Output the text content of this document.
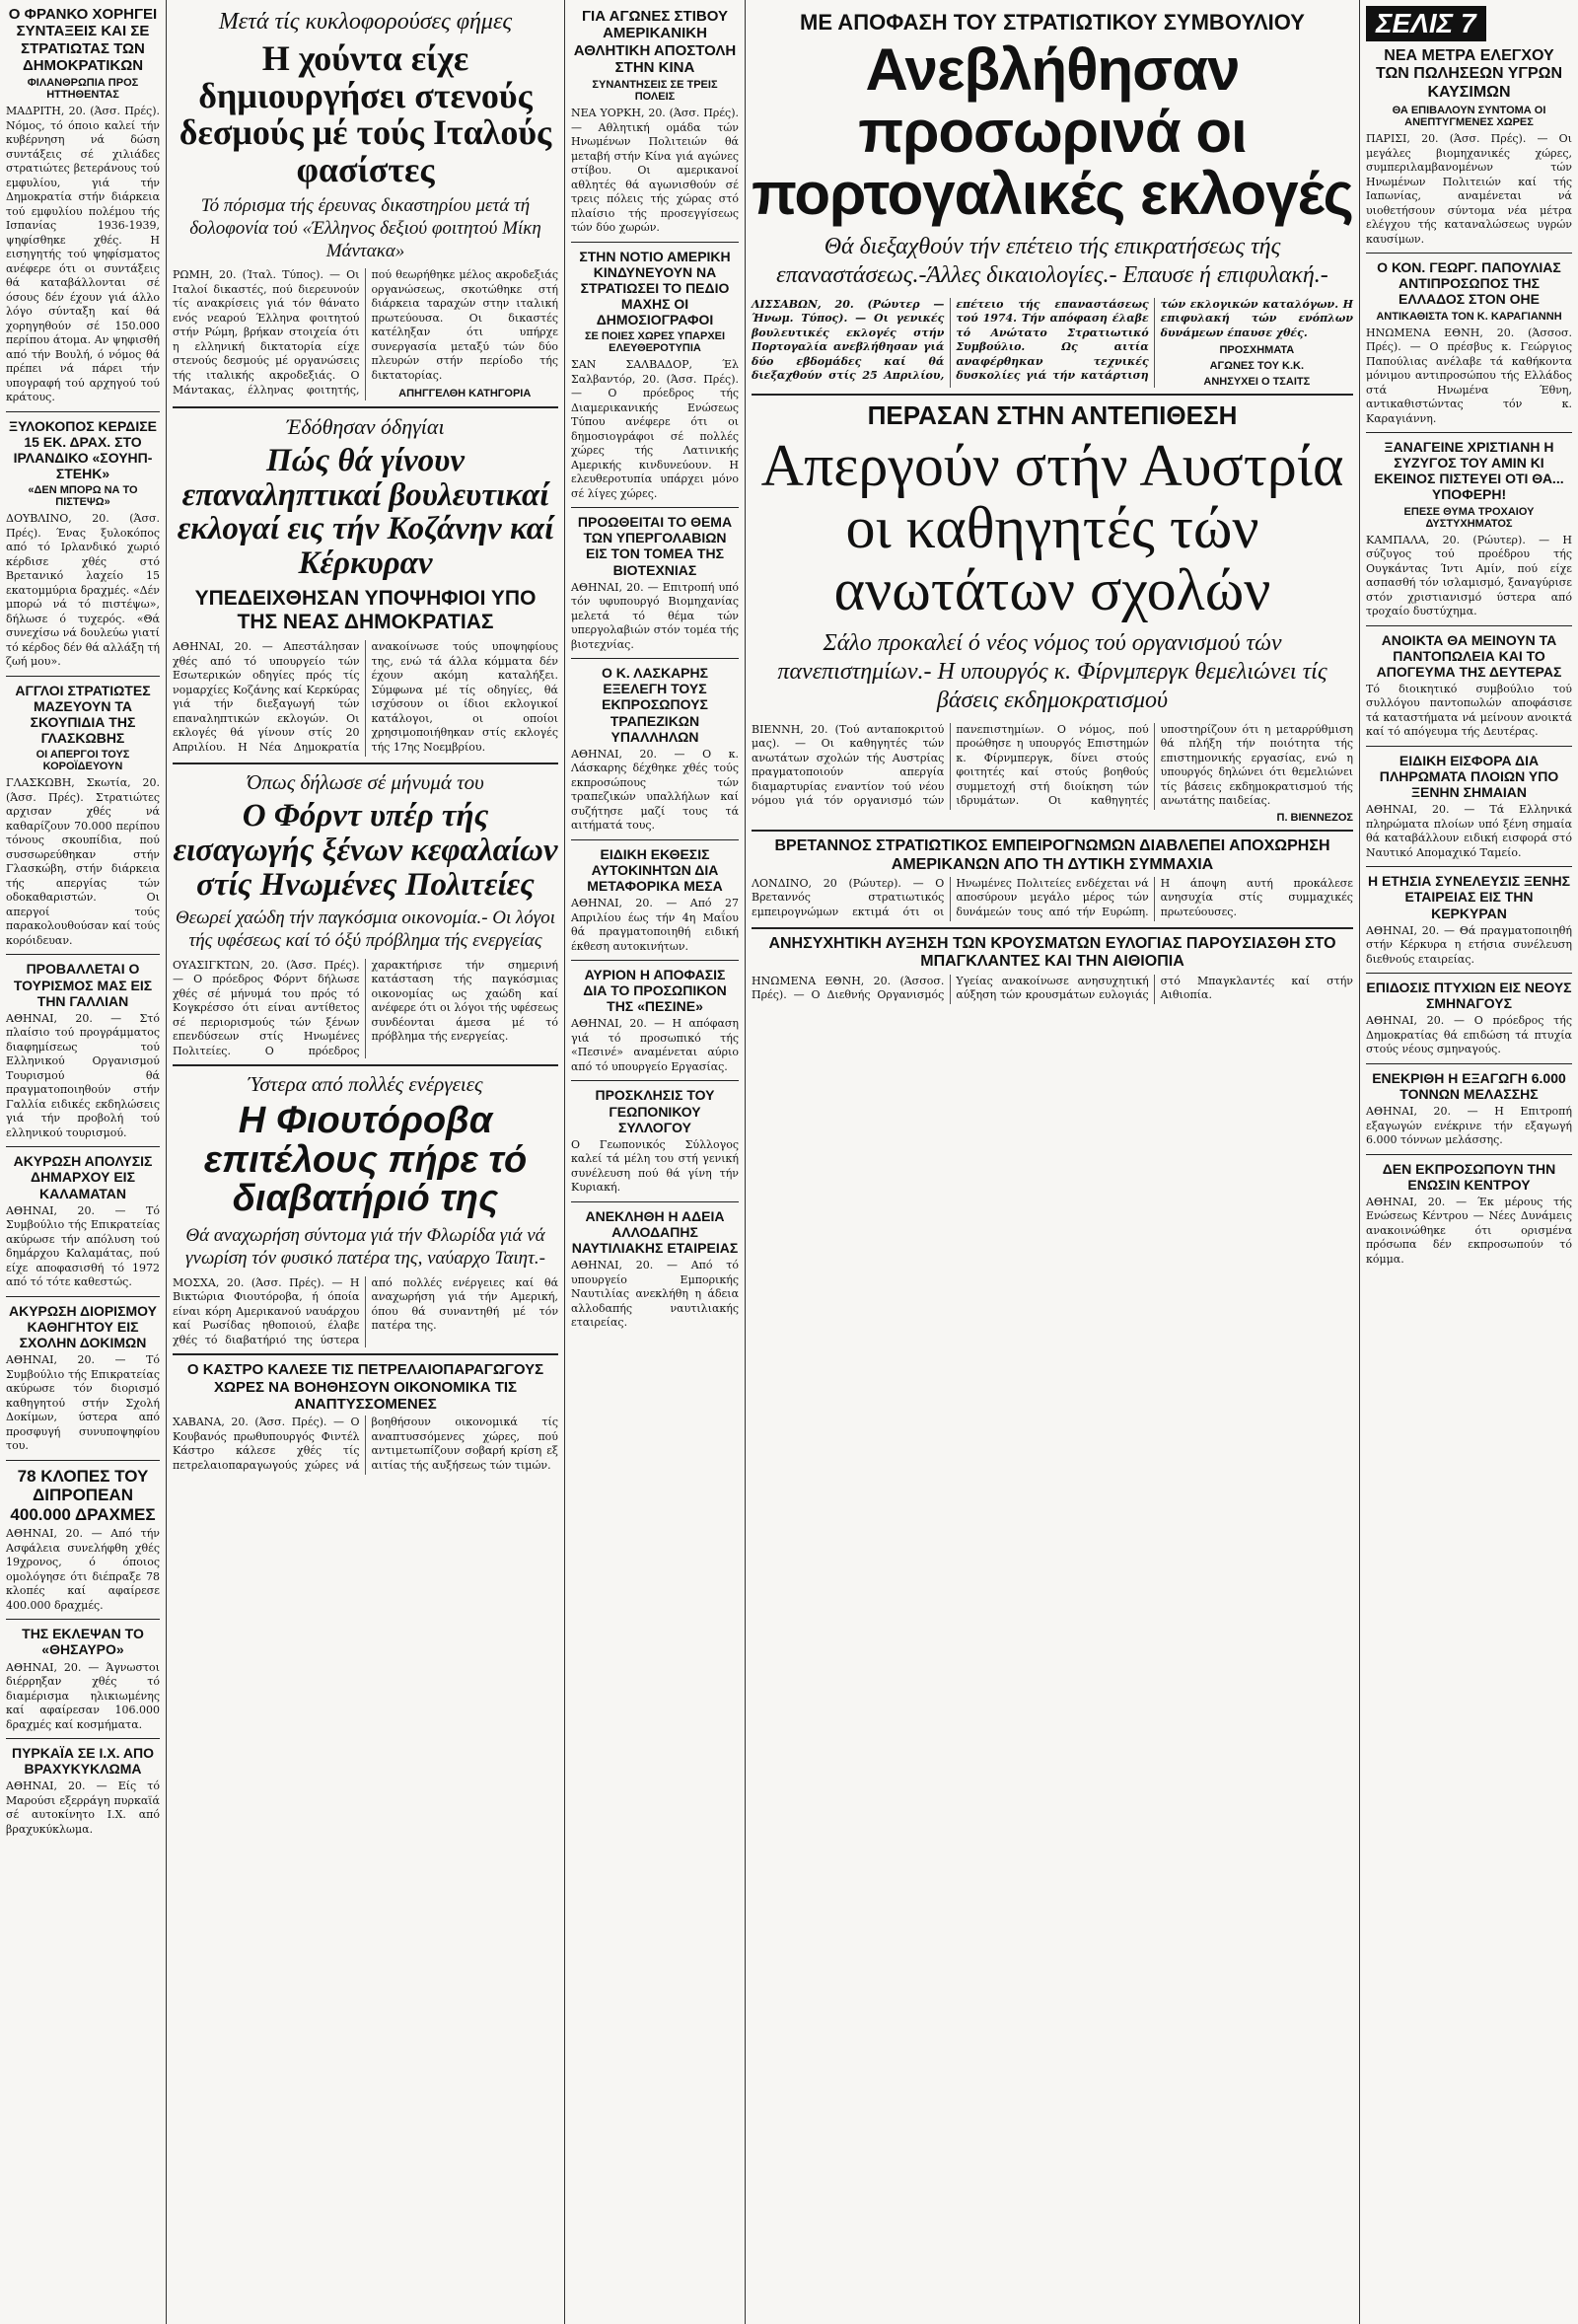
Ο ΦΡΑΝΚΟ ΧΟΡΗΓΕΙ ΣΥΝΤΑΞΕΙΣ ΚΑΙ ΣΕ ΣΤΡΑΤΙΩΤΑΣ ΤΩΝ ΔΗΜΟΚΡΑΤΙΚΩΝ
ΦΙΛΑΝΘΡΩΠΙΑ ΠΡΟΣ ΗΤΤΗΘΕΝΤΑΣ

ΜΑΔΡΙΤΗ, 20. (Άσσ. Πρές). Νόμος, τό όποιο καλεί τήν κυβέρνηση νά δώση συντάξεις σέ χιλιάδες στρατιώτες βετεράνους τού εμφυλίου, γιά τήν Δημοκρατία στήν διάρκεια τού εμφυλίου πολέμου τής Ισπανίας 1936-1939, ψηφίσθηκε χθές. Η εισηγητής τού ψηφίσματος ανέφερε ότι οι συντάξεις θά καταβάλλονται σέ όσους δέν έχουν γιά άλλο λόγο σύνταξη καί θά χορηγηθούν σέ 150.000 περίπου άτομα. Αν ψηφισθή από τήν Βουλή, ό νόμος θά πρέπει νά πάρει τήν υπογραφή τού αρχηγού τού κράτους.

ΞΥΛΟΚΟΠΟΣ ΚΕΡΔΙΣΕ 15 ΕΚ. ΔΡΑΧ. ΣΤΟ ΙΡΛΑΝΔΙΚΟ «ΣΟΥΗΠ-ΣΤΕΗΚ»
«ΔΕΝ ΜΠΟΡΩ ΝΑ ΤΟ ΠΙΣΤΕΨΩ»

ΔΟΥΒΛΙΝΟ, 20. (Άσσ. Πρές). Ένας ξυλοκόπος από τό Ιρλανδικό χωριό κέρδισε χθές στό Βρετανικό λαχείο 15 εκατομμύρια δραχμές. «Δέν μπορώ νά τό πιστέψω», δήλωσε ό τυχερός. «Θά συνεχίσω νά δουλεύω γιατί τό κέρδος δέν θά αλλάξη τή ζωή μου».

ΑΓΓΛΟΙ ΣΤΡΑΤΙΩΤΕΣ ΜΑΖΕΥΟΥΝ ΤΑ ΣΚΟΥΠΙΔΙΑ ΤΗΣ ΓΛΑΣΚΩΒΗΣ
ΟΙ ΑΠΕΡΓΟΙ ΤΟΥΣ ΚΟΡΟΪΔΕΥΟΥΝ

ΓΛΑΣΚΩΒΗ, Σκωτία, 20. (Άσσ. Πρές). Στρατιώτες αρχισαν χθές νά καθαρίζουν 70.000 περίπου τόνους σκουπίδια, πού συσσωρεύθηκαν στήν Γλασκώβη, στήν διάρκεια τής απεργίας τών οδοκαθαριστών. Οι απεργοί τούς παρακολουθούσαν καί τούς κορόιδευαν.

ΠΡΟΒΑΛΛΕΤΑΙ Ο ΤΟΥΡΙΣΜΟΣ ΜΑΣ ΕΙΣ ΤΗΝ ΓΑΛΛΙΑΝ

ΑΘΗΝΑΙ, 20. — Στό πλαίσιο τού προγράμματος διαφημίσεως τού Ελληνικού Οργανισμού Τουρισμού θά πραγματοποιηθούν στήν Γαλλία ειδικές εκδηλώσεις γιά τήν προβολή τού ελληνικού τουρισμού.

ΑΚΥΡΩΣΗ ΑΠΟΛΥΣΙΣ ΔΗΜΑΡΧΟΥ ΕΙΣ ΚΑΛΑΜΑΤΑΝ

ΑΘΗΝΑΙ, 20. — Τό Συμβούλιο τής Επικρατείας ακύρωσε τήν απόλυση τού δημάρχου Καλαμάτας, πού είχε αποφασισθή τό 1972 από τό τότε καθεστώς.

ΑΚΥΡΩΣΗ ΔΙΟΡΙΣΜΟΥ ΚΑΘΗΓΗΤΟΥ ΕΙΣ ΣΧΟΛΗΝ ΔΟΚΙΜΩΝ

ΑΘΗΝΑΙ, 20. — Τό Συμβούλιο τής Επικρατείας ακύρωσε τόν διορισμό καθηγητού στήν Σχολή Δοκίμων, ύστερα από προσφυγή συνυποψηφίου του.

78 ΚΛΟΠΕΣ ΤΟΥ ΔΙΠΡΟΠΕΑΝ 400.000 ΔΡΑΧΜΕΣ

ΑΘΗΝΑΙ, 20. — Από τήν Ασφάλεια συνελήφθη χθές 19χρονος, ό όποιος ομολόγησε ότι διέπραξε 78 κλοπές καί αφαίρεσε 400.000 δραχμές.

ΤΗΣ ΕΚΛΕΨΑΝ ΤΟ «ΘΗΣΑΥΡΟ»

ΑΘΗΝΑΙ, 20. — Άγνωστοι διέρρηξαν χθές τό διαμέρισμα ηλικιωμένης καί αφαίρεσαν 106.000 δραχμές καί κοσμήματα.

ΠΥΡΚΑΪΑ ΣΕ Ι.Χ. ΑΠΟ ΒΡΑΧΥΚΥΚΛΩΜΑ

ΑΘΗΝΑΙ, 20. — Είς τό Μαρούσι εξερράγη πυρκαϊά σέ αυτοκίνητο Ι.Χ. από βραχυκύκλωμα.

Μετά τίς κυκλοφορούσες φήμες
Η χούντα είχε δημιουργήσει στενούς δεσμούς μέ τούς Ιταλούς φασίστες
Τό πόρισμα τής έρευνας δικαστηρίου μετά τή δολοφονία τού «Έλληνος δεξιού φοιτητού Μίκη Μάντακα»

ΡΩΜΗ, 20. (Ίταλ. Τύπος). — Οι Ιταλοί δικαστές, πού διερευνούν τίς ανακρίσεις γιά τόν θάνατο ενός νεαρού Έλληνα φοιτητού στήν Ρώμη, βρήκαν στοιχεία ότι η ελληνική δικτατορία είχε στενούς δεσμούς μέ οργανώσεις τής ιταλικής ακροδεξιάς. Ο Μάντακας, έλληνας φοιτητής, πού θεωρήθηκε μέλος ακροδεξιάς οργανώσεως, σκοτώθηκε στή διάρκεια ταραχών στην ιταλική πρωτεύουσα. Οι δικαστές κατέληξαν ότι υπήρχε συνεργασία μεταξύ τών δύο πλευρών στήν περίοδο τής δικτατορίας.

ΑΠΗΓΓΕΛΘΗ ΚΑΤΗΓΟΡΙΑ
Έδόθησαν όδηγίαι
Πώς θά γίνουν επαναληπτικαί βουλευτικαί εκλογαί εις τήν Κοζάνην καί Κέρκυραν
ΥΠΕΔΕΙΧΘΗΣΑΝ ΥΠΟΨΗΦΙΟΙ ΥΠΟ ΤΗΣ ΝΕΑΣ ΔΗΜΟΚΡΑΤΙΑΣ

ΑΘΗΝΑΙ, 20. — Απεστάλησαν χθές από τό υπουργείο τών Εσωτερικών οδηγίες πρός τίς νομαρχίες Κοζάνης καί Κερκύρας γιά τήν διεξαγωγή τών επαναληπτικών εκλογών. Οι εκλογές θά γίνουν στίς 20 Απριλίου. Η Νέα Δημοκρατία ανακοίνωσε τούς υποψηφίους της, ενώ τά άλλα κόμματα δέν έχουν ακόμη καταλήξει. Σύμφωνα μέ τίς οδηγίες, θά ισχύσουν οι ίδιοι εκλογικοί κατάλογοι, οι οποίοι χρησιμοποιήθηκαν στίς εκλογές τής 17ης Νοεμβρίου.

Όπως δήλωσε σέ μήνυμά του
Ο Φόρντ υπέρ τής εισαγωγής ξένων κεφαλαίων στίς Ηνωμένες Πολιτείες
Θεωρεί χαώδη τήν παγκόσμια οικονομία.- Οι λόγοι τής υφέσεως καί τό όξύ πρόβλημα τής ενεργείας

ΟΥΑΣΙΓΚΤΩΝ, 20. (Άσσ. Πρές). — Ο πρόεδρος Φόρντ δήλωσε χθές σέ μήνυμά του πρός τό Κογκρέσσο ότι είναι αντίθετος σέ περιορισμούς τών ξένων επενδύσεων στίς Ηνωμένες Πολιτείες. Ο πρόεδρος χαρακτήρισε τήν σημερινή κατάσταση τής παγκόσμιας οικονομίας ως χαώδη καί ανέφερε ότι οι λόγοι τής υφέσεως συνδέονται άμεσα μέ τό πρόβλημα τής ενεργείας.

Ύστερα από πολλές ενέργειες
Η Φιουτόροβα επιτέλους πήρε τό διαβατήριό της
Θά αναχωρήση σύντομα γιά τήν Φλωρίδα γιά νά γνωρίση τόν φυσικό πατέρα της, ναύαρχο Ταιητ.-

ΜΟΣΧΑ, 20. (Άσσ. Πρές). — Η Βικτώρια Φιουτόροβα, ή όποία είναι κόρη Αμερικανού ναυάρχου καί Ρωσίδας ηθοποιού, έλαβε χθές τό διαβατήριό της ύστερα από πολλές ενέργειες καί θά αναχωρήση γιά τήν Αμερική, όπου θά συναντηθή μέ τόν πατέρα της.

Ο ΚΑΣΤΡΟ ΚΑΛΕΣΕ ΤΙΣ ΠΕΤΡΕΛΑΙΟΠΑΡΑΓΩΓΟΥΣ ΧΩΡΕΣ ΝΑ ΒΟΗΘΗΣΟΥΝ ΟΙΚΟΝΟΜΙΚΑ ΤΙΣ ΑΝΑΠΤΥΣΣΟΜΕΝΕΣ

ΧΑΒΑΝΑ, 20. (Άσσ. Πρές). — Ο Κουβανός πρωθυπουργός Φιντέλ Κάστρο κάλεσε χθές τίς πετρελαιοπαραγωγούς χώρες νά βοηθήσουν οικονομικά τίς αναπτυσσόμενες χώρες, πού αντιμετωπίζουν σοβαρή κρίση εξ αιτίας τής αυξήσεως τών τιμών.

ΓΙΑ ΑΓΩΝΕΣ ΣΤΙΒΟΥ ΑΜΕΡΙΚΑΝΙΚΗ ΑΘΛΗΤΙΚΗ ΑΠΟΣΤΟΛΗ ΣΤΗΝ ΚΙΝΑ
ΣΥΝΑΝΤΗΣΕΙΣ ΣΕ ΤΡΕΙΣ ΠΟΛΕΙΣ

ΝΕΑ ΥΟΡΚΗ, 20. (Άσσ. Πρές). — Αθλητική ομάδα τών Ηνωμένων Πολιτειών θά μεταβή στήν Κίνα γιά αγώνες στίβου. Οι αμερικανοί αθλητές θά αγωνισθούν σέ τρεις πόλεις τής χώρας στό πλαίσιο τής προσεγγίσεως τών δύο χωρών.

ΣΤΗΝ ΝΟΤΙΟ ΑΜΕΡΙΚΗ ΚΙΝΔΥΝΕΥΟΥΝ ΝΑ ΣΤΡΑΤΙΩΣΕΙ ΤΟ ΠΕΔΙΟ ΜΑΧΗΣ ΟΙ ΔΗΜΟΣΙΟΓΡΑΦΟΙ
ΣΕ ΠΟΙΕΣ ΧΩΡΕΣ ΥΠΑΡΧΕΙ ΕΛΕΥΘΕΡΟΤΥΠΙΑ

ΣΑΝ ΣΑΛΒΑΔΟΡ, Έλ Σαλβαντόρ, 20. (Άσσ. Πρές). — Ο πρόεδρος τής Διαμερικανικής Ενώσεως Τύπου ανέφερε ότι οι δημοσιογράφοι σέ πολλές χώρες τής Λατινικής Αμερικής κινδυνεύουν. Η ελευθεροτυπία υπάρχει μόνο σέ λίγες χώρες.

ΠΡΟΩΘΕΙΤΑΙ ΤΟ ΘΕΜΑ ΤΩΝ ΥΠΕΡΓΟΛΑΒΙΩΝ ΕΙΣ ΤΟΝ ΤΟΜΕΑ ΤΗΣ ΒΙΟΤΕΧΝΙΑΣ

ΑΘΗΝΑΙ, 20. — Επιτροπή υπό τόν υφυπουργό Βιομηχανίας μελετά τό θέμα τών υπεργολαβιών στόν τομέα τής βιοτεχνίας.

Ο Κ. ΛΑΣΚΑΡΗΣ ΕΞΕΛΕΓΗ ΤΟΥΣ ΕΚΠΡΟΣΩΠΟΥΣ ΤΡΑΠΕΖΙΚΩΝ ΥΠΑΛΛΗΛΩΝ

ΑΘΗΝΑΙ, 20. — Ο κ. Λάσκαρης δέχθηκε χθές τούς εκπροσώπους τών τραπεζικών υπαλλήλων καί συζήτησε μαζί τους τά αιτήματά τους.

ΕΙΔΙΚΗ ΕΚΘΕΣΙΣ ΑΥΤΟΚΙΝΗΤΩΝ ΔΙΑ ΜΕΤΑΦΟΡΙΚΑ ΜΕΣΑ

ΑΘΗΝΑΙ, 20. — Από 27 Απριλίου έως τήν 4η Μαΐου θά πραγματοποιηθή ειδική έκθεση αυτοκινήτων.

ΑΥΡΙΟΝ Η ΑΠΟΦΑΣΙΣ ΔΙΑ ΤΟ ΠΡΟΣΩΠΙΚΟΝ ΤΗΣ «ΠΕΣΙΝΕ»

ΑΘΗΝΑΙ, 20. — Η απόφαση γιά τό προσωπικό τής «Πεσινέ» αναμένεται αύριο από τό υπουργείο Εργασίας.

ΠΡΟΣΚΛΗΣΙΣ ΤΟΥ ΓΕΩΠΟΝΙΚΟΥ ΣΥΛΛΟΓΟΥ

Ο Γεωπονικός Σύλλογος καλεί τά μέλη του στή γενική συνέλευση πού θά γίνη τήν Κυριακή.

ΑΝΕΚΛΗΘΗ Η ΑΔΕΙΑ ΑΛΛΟΔΑΠΗΣ ΝΑΥΤΙΛΙΑΚΗΣ ΕΤΑΙΡΕΙΑΣ

ΑΘΗΝΑΙ, 20. — Από τό υπουργείο Εμπορικής Ναυτιλίας ανεκλήθη η άδεια αλλοδαπής ναυτιλιακής εταιρείας.

ΜΕ ΑΠΟΦΑΣΗ ΤΟΥ ΣΤΡΑΤΙΩΤΙΚΟΥ ΣΥΜΒΟΥΛΙΟΥ
Ανεβλήθησαν προσωρινά οι πορτογαλικές εκλογές
Θά διεξαχθούν τήν επέτειο τής επικρατήσεως τής επαναστάσεως.-Άλλες δικαιολογίες.- Επαυσε ή επιφυλακή.-

ΛΙΣΣΑΒΩΝ, 20. (Ρώυτερ — Ήνωμ. Τύπος). — Οι γενικές βουλευτικές εκλογές στήν Πορτογαλία ανεβλήθησαν γιά δύο εβδομάδες καί θά διεξαχθούν στίς 25 Απριλίου, επέτειο τής επαναστάσεως τού 1974. Τήν απόφαση έλαβε τό Ανώτατο Στρατιωτικό Συμβούλιο. Ως αιτία αναφέρθηκαν τεχνικές δυσκολίες γιά τήν κατάρτιση τών εκλογικών καταλόγων. Η επιφυλακή τών ενόπλων δυνάμεων έπαυσε χθές.

ΠΡΟΣΧΗΜΑΤΑ
ΑΓΩΝΕΣ ΤΟΥ Κ.Κ.
ΑΝΗΣΥΧΕΙ Ο ΤΣΑΙΤΣ
ΠΕΡΑΣΑΝ ΣΤΗΝ ΑΝΤΕΠΙΘΕΣΗ
Απεργούν στήν Αυστρία οι καθηγητές τών ανωτάτων σχολών
Σάλο προκαλεί ό νέος νόμος τού οργανισμού τών πανεπιστημίων.- Η υπουργός κ. Φίρνμπεργκ θεμελιώνει τίς βάσεις εκδημοκρατισμού

ΒΙΕΝΝΗ, 20. (Τού ανταποκριτού μας). — Οι καθηγητές τών ανωτάτων σχολών τής Αυστρίας πραγματοποιούν απεργία διαμαρτυρίας εναντίον τού νέου νόμου γιά τόν οργανισμό τών πανεπιστημίων. Ο νόμος, πού προώθησε η υπουργός Επιστημών κ. Φίρνμπεργκ, δίνει στούς φοιτητές καί στούς βοηθούς συμμετοχή στή διοίκηση τών ιδρυμάτων. Οι καθηγητές υποστηρίζουν ότι η μεταρρύθμιση θά πλήξη τήν ποιότητα τής επιστημονικής εργασίας, ενώ η υπουργός δηλώνει ότι θεμελιώνει τίς βάσεις εκδημοκρατισμού τής ανωτάτης παιδείας.

Π. ΒΙΕΝΝΕΖΟΣ
ΒΡΕΤΑΝΝΟΣ ΣΤΡΑΤΙΩΤΙΚΟΣ ΕΜΠΕΙΡΟΓΝΩΜΩΝ ΔΙΑΒΛΕΠΕΙ ΑΠΟΧΩΡΗΣΗ ΑΜΕΡΙΚΑΝΩΝ ΑΠΟ ΤΗ ΔΥΤΙΚΗ ΣΥΜΜΑΧΙΑ

ΛΟΝΔΙΝΟ, 20 (Ρώυτερ). — Ο Βρεταννός στρατιωτικός εμπειρογνώμων εκτιμά ότι οι Ηνωμένες Πολιτείες ενδέχεται νά αποσύρουν μεγάλο μέρος τών δυνάμεών τους από τήν Ευρώπη. Η άποψη αυτή προκάλεσε ανησυχία στίς συμμαχικές πρωτεύουσες.

ΑΝΗΣΥΧΗΤΙΚΗ ΑΥΞΗΣΗ ΤΩΝ ΚΡΟΥΣΜΑΤΩΝ ΕΥΛΟΓΙΑΣ ΠΑΡΟΥΣΙΑΣΘΗ ΣΤΟ ΜΠΑΓΚΛΑΝΤΕΣ ΚΑΙ ΤΗΝ ΑΙΘΙΟΠΙΑ

ΗΝΩΜΕΝΑ ΕΘΝΗ, 20. (Άσσοσ. Πρές). — Ο Διεθνής Οργανισμός Υγείας ανακοίνωσε ανησυχητική αύξηση τών κρουσμάτων ευλογιάς στό Μπαγκλαντές καί στήν Αιθιοπία.

ΣΕΛΙΣ 7
ΝΕΑ ΜΕΤΡΑ ΕΛΕΓΧΟΥ ΤΩΝ ΠΩΛΗΣΕΩΝ ΥΓΡΩΝ ΚΑΥΣΙΜΩΝ
ΘΑ ΕΠΙΒΑΛΟΥΝ ΣΥΝΤΟΜΑ ΟΙ ΑΝΕΠΤΥΓΜΕΝΕΣ ΧΩΡΕΣ

ΠΑΡΙΣΙ, 20. (Άσσ. Πρές). — Οι μεγάλες βιομηχανικές χώρες, συμπεριλαμβανομένων τών Ηνωμένων Πολιτειών καί τής Ιαπωνίας, αναμένεται νά υιοθετήσουν σύντομα νέα μέτρα ελέγχου τής καταναλώσεως υγρών καυσίμων.

Ο ΚΟΝ. ΓΕΩΡΓ. ΠΑΠΟΥΛΙΑΣ ΑΝΤΙΠΡΟΣΩΠΟΣ ΤΗΣ ΕΛΛΑΔΟΣ ΣΤΟΝ ΟΗΕ
ΑΝΤΙΚΑΘΙΣΤΑ ΤΟΝ Κ. ΚΑΡΑΓΙΑΝΝΗ

ΗΝΩΜΕΝΑ ΕΘΝΗ, 20. (Άσσοσ. Πρές). — Ο πρέσβυς κ. Γεώργιος Παπούλιας ανέλαβε τά καθήκοντα μόνιμου αντιπροσώπου τής Ελλάδος στά Ηνωμένα Έθνη, αντικαθιστώντας τόν κ. Καραγιάννη.

ΞΑΝΑΓΕΙΝΕ ΧΡΙΣΤΙΑΝΗ Η ΣΥΖΥΓΟΣ ΤΟΥ ΑΜΙΝ ΚΙ ΕΚΕΙΝΟΣ ΠΙΣΤΕΥΕΙ ΟΤΙ ΘΑ... ΥΠΟΦΕΡΗ!
ΕΠΕΣΕ ΘΥΜΑ ΤΡΟΧΑΙΟΥ ΔΥΣΤΥΧΗΜΑΤΟΣ

ΚΑΜΠΑΛΑ, 20. (Ρώυτερ). — Η σύζυγος τού προέδρου τής Ουγκάντας Ίντι Αμίν, πού είχε ασπασθή τόν ισλαμισμό, ξαναγύρισε στόν χριστιανισμό ύστερα από τροχαίο δυστύχημα.

ΑΝΟΙΚΤΑ ΘΑ ΜΕΙΝΟΥΝ ΤΑ ΠΑΝΤΟΠΩΛΕΙΑ ΚΑΙ ΤΟ ΑΠΟΓΕΥΜΑ ΤΗΣ ΔΕΥΤΕΡΑΣ

Τό διοικητικό συμβούλιο τού συλλόγου παντοπωλών αποφάσισε τά καταστήματα νά μείνουν ανοικτά καί τό απόγευμα τής Δευτέρας.

ΕΙΔΙΚΗ ΕΙΣΦΟΡΑ ΔΙΑ ΠΛΗΡΩΜΑΤΑ ΠΛΟΙΩΝ ΥΠΟ ΞΕΝΗΝ ΣΗΜΑΙΑΝ

ΑΘΗΝΑΙ, 20. — Τά Ελληνικά πληρώματα πλοίων υπό ξένη σημαία θά καταβάλλουν ειδική εισφορά στό Ναυτικό Απομαχικό Ταμείο.

Η ΕΤΗΣΙΑ ΣΥΝΕΛΕΥΣΙΣ ΞΕΝΗΣ ΕΤΑΙΡΕΙΑΣ ΕΙΣ ΤΗΝ ΚΕΡΚΥΡΑΝ

ΑΘΗΝΑΙ, 20. — Θά πραγματοποιηθή στήν Κέρκυρα η ετήσια συνέλευση διεθνούς εταιρείας.

ΕΠΙΔΟΣΙΣ ΠΤΥΧΙΩΝ ΕΙΣ ΝΕΟΥΣ ΣΜΗΝΑΓΟΥΣ

ΑΘΗΝΑΙ, 20. — Ο πρόεδρος τής Δημοκρατίας θά επιδώση τά πτυχία στούς νέους σμηναγούς.

ΕΝΕΚΡΙΘΗ Η ΕΞΑΓΩΓΗ 6.000 ΤΟΝΝΩΝ ΜΕΛΑΣΣΗΣ

ΑΘΗΝΑΙ, 20. — Η Επιτροπή εξαγωγών ενέκρινε τήν εξαγωγή 6.000 τόννων μελάσσης.

ΔΕΝ ΕΚΠΡΟΣΩΠΟΥΝ ΤΗΝ ΕΝΩΣΙΝ ΚΕΝΤΡΟΥ

ΑΘΗΝΑΙ, 20. — Έκ μέρους τής Ενώσεως Κέντρου — Νέες Δυνάμεις ανακοινώθηκε ότι ορισμένα πρόσωπα δέν εκπροσωπούν τό κόμμα.
